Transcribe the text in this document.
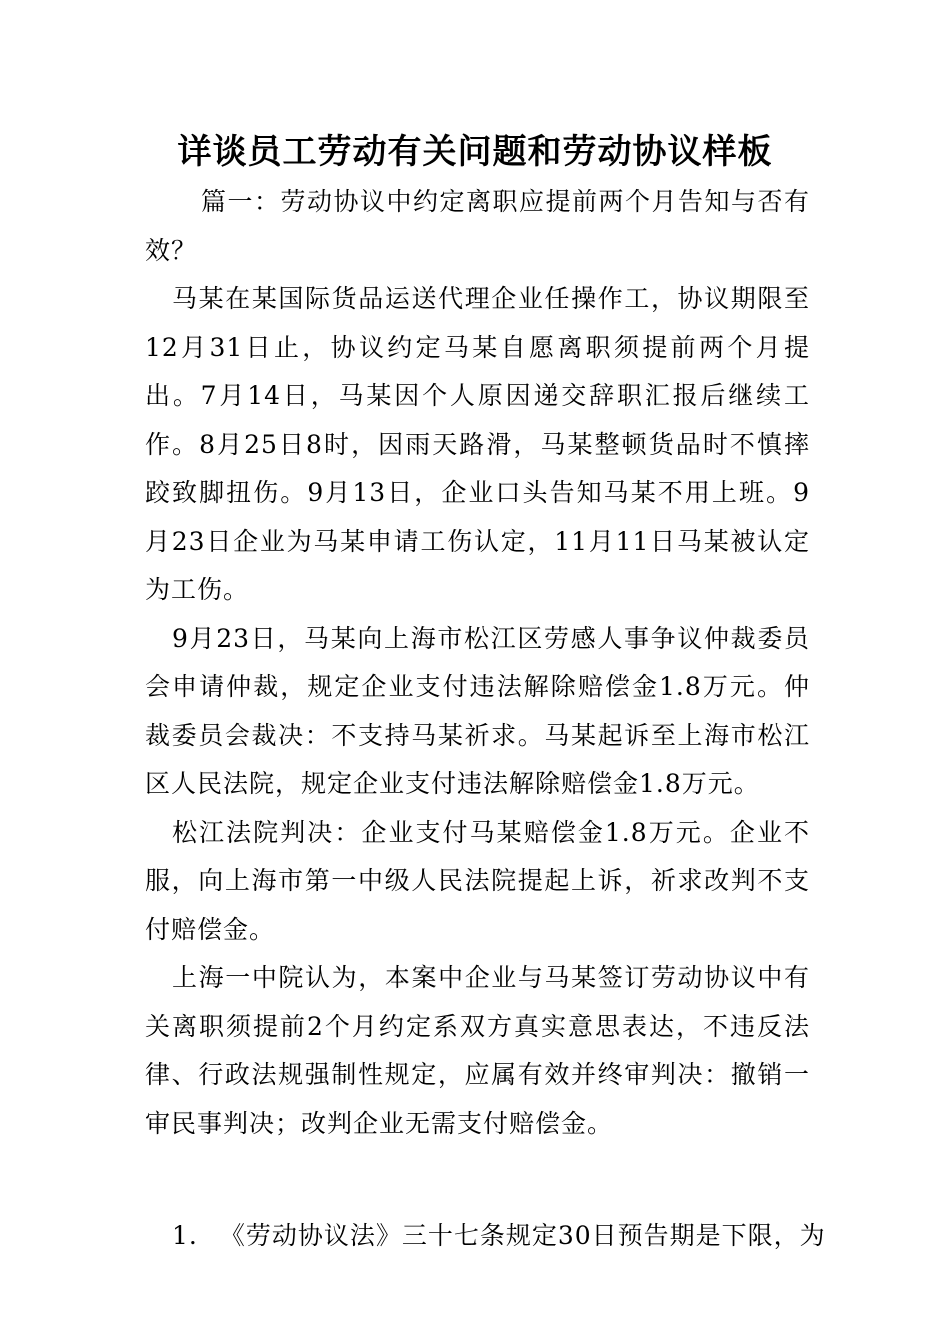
详谈员工劳动有关问题和劳动协议样板

篇一：劳动协议中约定离职应提前两个月告知与否有效？

马某在某国际货品运送代理企业任操作工，协议期限至12月31日止，协议约定马某自愿离职须提前两个月提出。7月14日，马某因个人原因递交辞职汇报后继续工作。8月25日8时，因雨天路滑，马某整顿货品时不慎摔跤致脚扭伤。9月13日，企业口头告知马某不用上班。9月23日企业为马某申请工伤认定，11月11日马某被认定为工伤。

9月23日，马某向上海市松江区劳感人事争议仲裁委员会申请仲裁，规定企业支付违法解除赔偿金1.8万元。仲裁委员会裁决：不支持马某祈求。马某起诉至上海市松江区人民法院，规定企业支付违法解除赔偿金1.8万元。

松江法院判决：企业支付马某赔偿金1.8万元。企业不服，向上海市第一中级人民法院提起上诉，祈求改判不支付赔偿金。

上海一中院认为，本案中企业与马某签订劳动协议中有关离职须提前2个月约定系双方真实意思表达，不违反法律、行政法规强制性规定，应属有效并终审判决：撤销一审民事判决；改判企业无需支付赔偿金。

1. 《劳动协议法》三十七条规定30日预告期是下限，为
